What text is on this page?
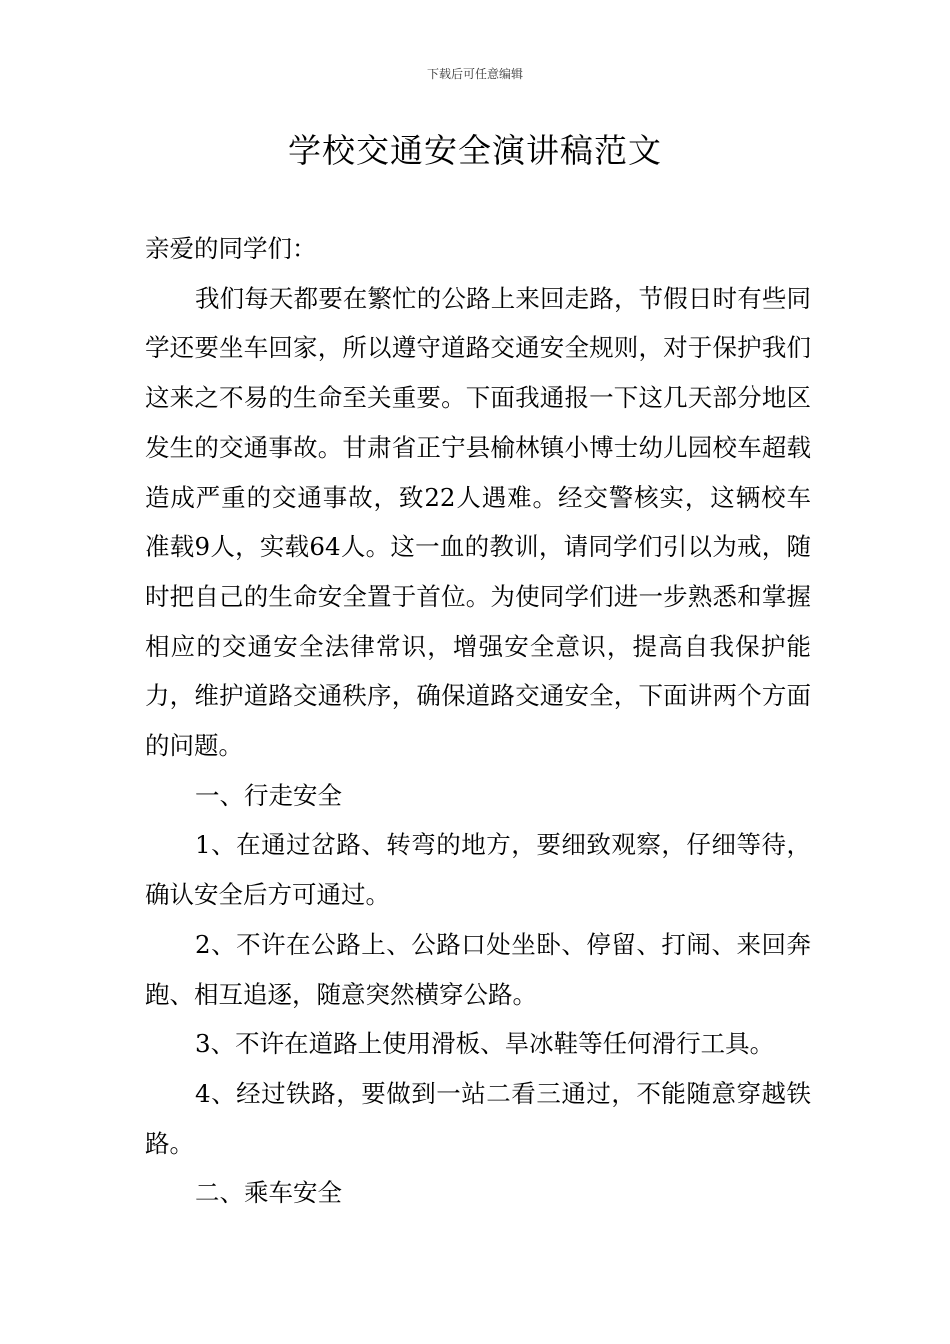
下载后可任意编辑
学校交通安全演讲稿范文

亲爱的同学们：

我们每天都要在繁忙的公路上来回走路，节假日时有些同学还要坐车回家，所以遵守道路交通安全规则，对于保护我们这来之不易的生命至关重要。下面我通报一下这几天部分地区发生的交通事故。甘肃省正宁县榆林镇小博士幼儿园校车超载造成严重的交通事故，致22人遇难。经交警核实，这辆校车准载9人，实载64人。这一血的教训，请同学们引以为戒，随时把自己的生命安全置于首位。为使同学们进一步熟悉和掌握相应的交通安全法律常识，增强安全意识，提高自我保护能力，维护道路交通秩序，确保道路交通安全，下面讲两个方面的问题。

一、行走安全

1、在通过岔路、转弯的地方，要细致观察，仔细等待，确认安全后方可通过。

2、不许在公路上、公路口处坐卧、停留、打闹、来回奔跑、相互追逐，随意突然横穿公路。

3、不许在道路上使用滑板、旱冰鞋等任何滑行工具。

4、经过铁路，要做到一站二看三通过，不能随意穿越铁路。

二、乘车安全
